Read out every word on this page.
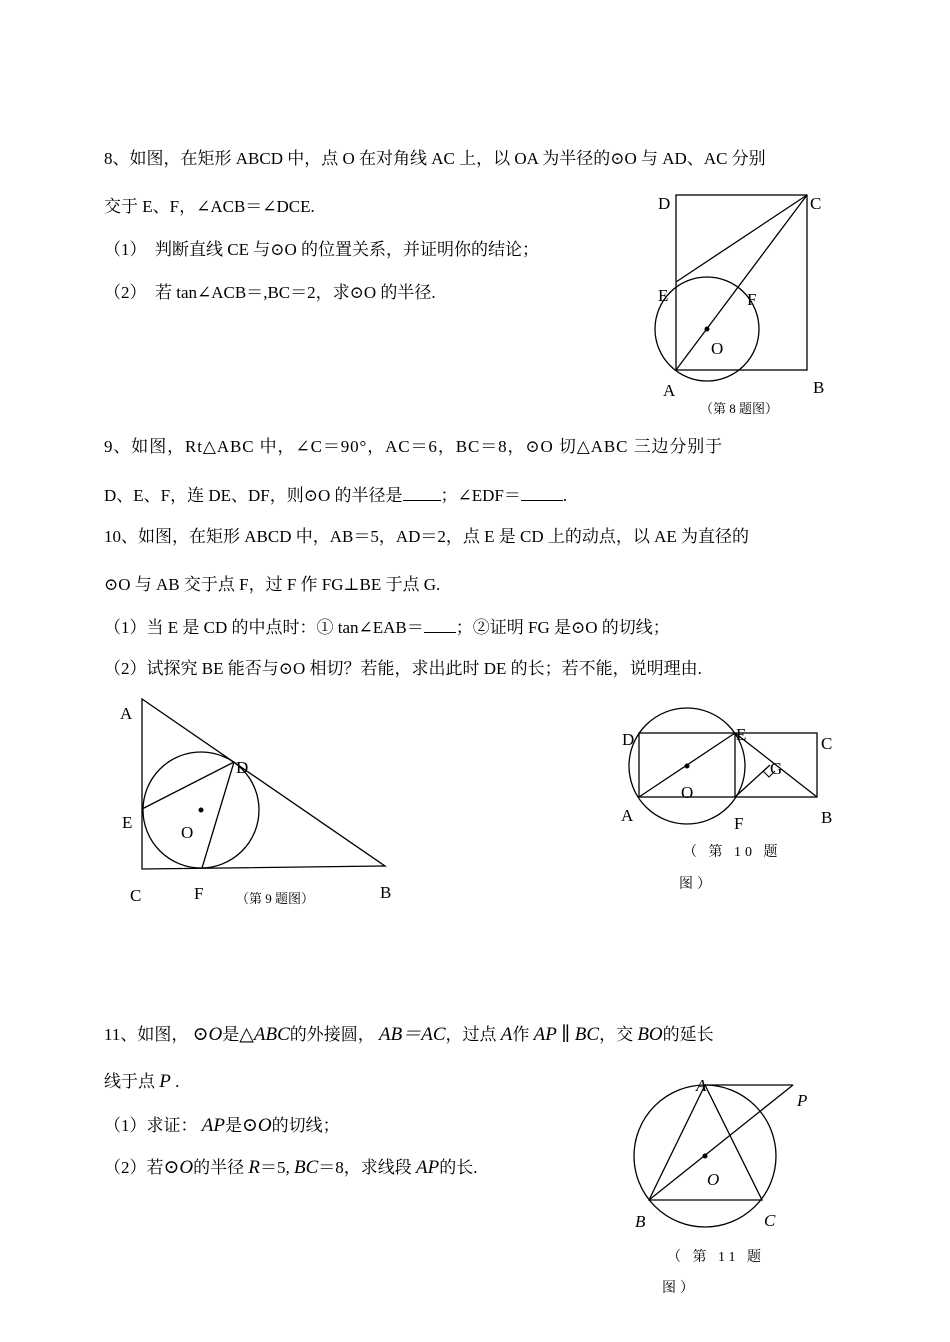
8、如图，在矩形 ABCD 中，点 O 在对角线 AC 上，以 OA 为半径的⊙O 与 AD、AC 分别
交于 E、F，∠ACB＝∠DCE.
（1）　判断直线 CE 与⊙O 的位置关系，并证明你的结论；
（2）　若 tan∠ACB＝,BC＝2，求⊙O 的半径.
D	C
E	F
O
A	B
（第 8 题图）
9、如图，Rt△ABC 中，∠C＝90°，AC＝6，BC＝8，⊙O 切△ABC 三边分别于
D、E、F，连 DE、DF，则⊙O 的半径是 ；∠EDF＝ .
10、如图，在矩形 ABCD 中，AB＝5，AD＝2，点 E 是 CD 上的动点，以 AE 为直径的
⊙O 与 AB 交于点 F，过 F 作 FG⊥BE 于点 G.
（1）当 E 是 CD 的中点时：① tan∠EAB＝ ；②证明 FG 是⊙O 的切线；
（2）试探究 BE 能否与⊙O 相切？若能，求出此时 DE 的长；若不能，说明理由.
A
D
E
O
C	F	B
（第 9 题图）
D	E	C
G
O
A	F	B
（ 第 10 题
图）
11、如图， ⊙O是△ABC的外接圆， AB＝AC，过点 A作 AP ∥ BC，交 BO的延长
线于点 P .
（1）求证： AP是⊙O的切线；
（2）若⊙O的半径 R＝5, BC＝8，求线段 AP的长.
A
P
O
B	C
（ 第 11 题
图）
